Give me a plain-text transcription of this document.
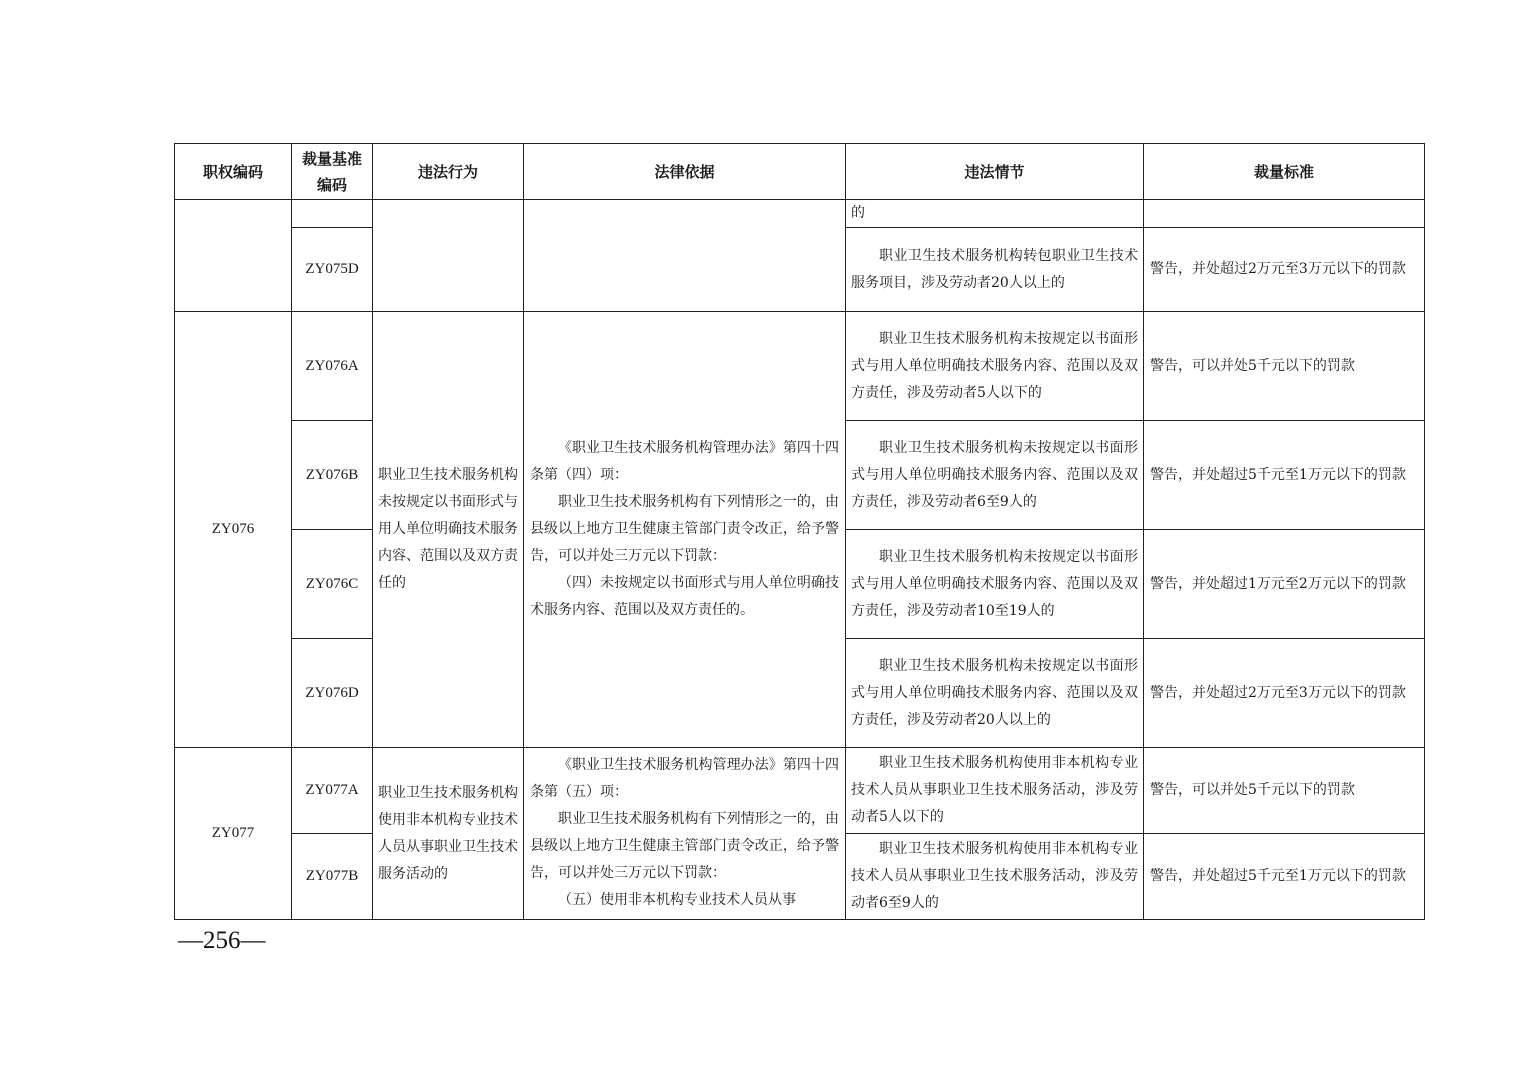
职权编码	裁量基准编码	违法行为	法律依据	违法情节	裁量标准
				的	
	ZY075D			职业卫生技术服务机构转包职业卫生技术服务项目，涉及劳动者20人以上的	警告，并处超过2万元至3万元以下的罚款
ZY076	ZY076A	职业卫生技术服务机构未按规定以书面形式与用人单位明确技术服务内容、范围以及双方责任的	《职业卫生技术服务机构管理办法》第四十四条第（四）项：

职业卫生技术服务机构有下列情形之一的，由县级以上地方卫生健康主管部门责令改正，给予警告，可以并处三万元以下罚款：

（四）未按规定以书面形式与用人单位明确技术服务内容、范围以及双方责任的。	职业卫生技术服务机构未按规定以书面形式与用人单位明确技术服务内容、范围以及双方责任，涉及劳动者5人以下的	警告，可以并处5千元以下的罚款
	ZY076B			职业卫生技术服务机构未按规定以书面形式与用人单位明确技术服务内容、范围以及双方责任，涉及劳动者6至9人的	警告，并处超过5千元至1万元以下的罚款
	ZY076C			职业卫生技术服务机构未按规定以书面形式与用人单位明确技术服务内容、范围以及双方责任，涉及劳动者10至19人的	警告，并处超过1万元至2万元以下的罚款
	ZY076D			职业卫生技术服务机构未按规定以书面形式与用人单位明确技术服务内容、范围以及双方责任，涉及劳动者20人以上的	警告，并处超过2万元至3万元以下的罚款
ZY077	ZY077A	职业卫生技术服务机构使用非本机构专业技术人员从事职业卫生技术服务活动的	《职业卫生技术服务机构管理办法》第四十四条第（五）项：

职业卫生技术服务机构有下列情形之一的，由县级以上地方卫生健康主管部门责令改正，给予警告，可以并处三万元以下罚款：

（五）使用非本机构专业技术人员从事	职业卫生技术服务机构使用非本机构专业技术人员从事职业卫生技术服务活动，涉及劳动者5人以下的	警告，可以并处5千元以下的罚款
	ZY077B			职业卫生技术服务机构使用非本机构专业技术人员从事职业卫生技术服务活动，涉及劳动者6至9人的	警告，并处超过5千元至1万元以下的罚款
—256—
